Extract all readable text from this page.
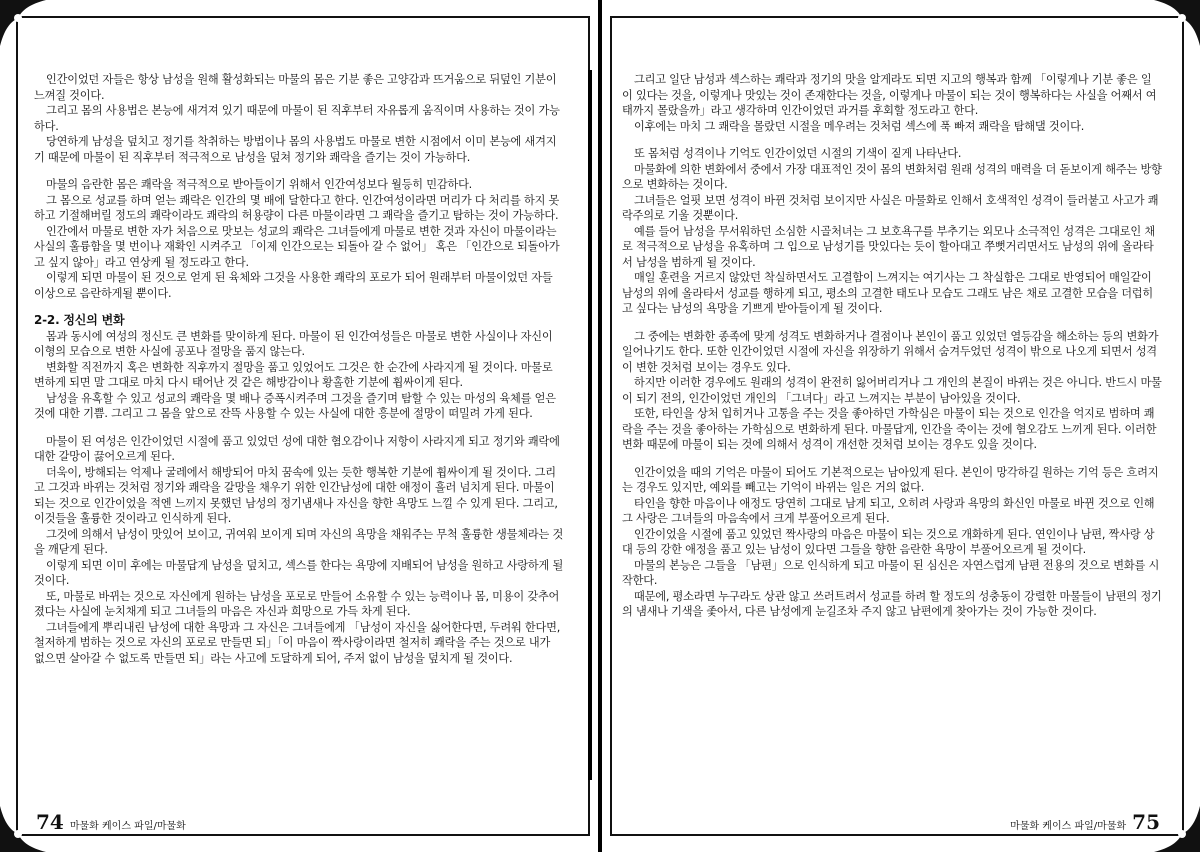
인간이었던 자들은 항상 남성을 원해 활성화되는 마물의 몸은 기분 좋은 고양감과 뜨거움으로 뒤덮인 기분이 느껴질 것이다.

그리고 몸의 사용법은 본능에 새겨져 있기 때문에 마물이 된 직후부터 자유롭게 움직이며 사용하는 것이 가능하다.

당연하게 남성을 덮치고 정기를 착취하는 방법이나 몸의 사용법도 마물로 변한 시점에서 이미 본능에 새겨지기 때문에 마물이 된 직후부터 적극적으로 남성을 덮쳐 정기와 쾌락을 즐기는 것이 가능하다.

마물의 음란한 몸은 쾌락을 적극적으로 받아들이기 위해서 인간여성보다 월등히 민감하다.

그 몸으로 성교를 하며 얻는 쾌락은 인간의 몇 배에 달한다고 한다. 인간여성이라면 머리가 다 처리를 하지 못하고 기절해버릴 정도의 쾌락이라도 쾌락의 허용량이 다른 마물이라면 그 쾌락을 즐기고 탐하는 것이 가능하다.

인간에서 마물로 변한 자가 처음으로 맛보는 성교의 쾌락은 그녀들에게 마물로 변한 것과 자신이 마물이라는 사실의 훌륭함을 몇 번이나 재확인 시켜주고 「이제 인간으로는 되돌아 갈 수 없어」 혹은 「인간으로 되돌아가고 싶지 않아」라고 연상케 될 정도라고 한다.

이렇게 되면 마물이 된 것으로 얻게 된 육체와 그것을 사용한 쾌락의 포로가 되어 원래부터 마물이었던 자들 이상으로 음란하게될 뿐이다.

2-2. 정신의 변화

몸과 동시에 여성의 정신도 큰 변화를 맞이하게 된다. 마물이 된 인간여성들은 마물로 변한 사실이나 자신이 이형의 모습으로 변한 사실에 공포나 절망을 품지 않는다.

변화할 직전까지 혹은 변화한 직후까지 절망을 품고 있었어도 그것은 한 순간에 사라지게 될 것이다. 마물로 변하게 되면 말 그대로 마치 다시 태어난 것 같은 해방감이나 황홀한 기분에 휩싸이게 된다.

남성을 유혹할 수 있고 성교의 쾌락을 몇 배나 증폭시켜주며 그것을 즐기며 탐할 수 있는 마성의 육체를 얻은 것에 대한 기쁨. 그리고 그 몸을 앞으로 잔뜩 사용할 수 있는 사실에 대한 흥분에 절망이 떠밀려 가게 된다.

마물이 된 여성은 인간이었던 시절에 품고 있었던 성에 대한 혐오감이나 저항이 사라지게 되고 정기와 쾌락에 대한 갈망이 끓어오르게 된다.

더욱이, 방해되는 억제나 굴레에서 해방되어 마치 꿈속에 있는 듯한 행복한 기분에 휩싸이게 될 것이다. 그리고 그것과 바뀌는 것처럼 정기와 쾌락을 갈망을 채우기 위한 인간남성에 대한 애정이 흘러 넘치게 된다. 마물이 되는 것으로 인간이었을 적엔 느끼지 못했던 남성의 정기냄새나 자신을 향한 욕망도 느낄 수 있게 된다. 그리고, 이것들을 훌륭한 것이라고 인식하게 된다.

그것에 의해서 남성이 맛있어 보이고, 귀여워 보이게 되며 자신의 욕망을 채워주는 무척 훌륭한 생물체라는 것을 깨닫게 된다.

이렇게 되면 이미 후에는 마물답게 남성을 덮치고, 섹스를 한다는 욕망에 지배되어 남성을 원하고 사랑하게 될 것이다.

또, 마물로 바뀌는 것으로 자신에게 원하는 남성을 포로로 만들어 소유할 수 있는 능력이나 몸, 미용이 갖추어졌다는 사실에 눈치채게 되고 그녀들의 마음은 자신과 희망으로 가득 차게 된다.

그녀들에게 뿌리내린 남성에 대한 욕망과 그 자신은 그녀들에게 「남성이 자신을 싫어한다면, 두려워 한다면, 철저하게 범하는 것으로 자신의 포로로 만들면 되」「이 마음이 짝사랑이라면 철저히 쾌락을 주는 것으로 내가 없으면 살아갈 수 없도록 만들면 되」라는 사고에 도달하게 되어, 주저 없이 남성을 덮치게 될 것이다.

74 마물화 케이스 파일/마물화

그리고 일단 남성과 섹스하는 쾌락과 정기의 맛을 알게라도 되면 지고의 행복과 함께 「이렇게나 기분 좋은 일이 있다는 것을, 이렇게나 맛있는 것이 존재한다는 것을, 이렇게나 마물이 되는 것이 행복하다는 사실을 어째서 여태까지 몰랐을까」라고 생각하며 인간이었던 과거를 후회할 정도라고 한다.

이후에는 마치 그 쾌락을 몰랐던 시절을 메우려는 것처럼 섹스에 푹 빠져 쾌락을 탐해댈 것이다.

또 몸처럼 성격이나 기억도 인간이었던 시절의 기색이 짙게 나타난다.

마물화에 의한 변화에서 중에서 가장 대표적인 것이 몸의 변화처럼 원래 성격의 매력을 더 돋보이게 해주는 방향으로 변화하는 것이다.

그녀들은 얼핏 보면 성격이 바뀐 것처럼 보이지만 사실은 마물화로 인해서 호색적인 성격이 들러붙고 사고가 쾌락주의로 기울 것뿐이다.

예를 들어 남성을 무서워하던 소심한 시골처녀는 그 보호욕구를 부추기는 외모나 소극적인 성격은 그대로인 채로 적극적으로 남성을 유혹하며 그 입으로 남성기를 맛있다는 듯이 할아대고 쭈뻣거리면서도 남성의 위에 올라타서 남성을 범하게 될 것이다.

매일 훈련을 거르지 않았던 착실하면서도 고결함이 느껴지는 여기사는 그 착실함은 그대로 반영되어 매일같이 남성의 위에 올라타서 성교를 행하게 되고, 평소의 고결한 태도나 모습도 그래도 남은 채로 고결한 모습을 더럽히고 싶다는 남성의 욕망을 기쁘게 받아들이게 될 것이다.

그 중에는 변화한 종족에 맞게 성격도 변화하거나 결점이나 본인이 품고 있었던 열등감을 해소하는 등의 변화가 일어나기도 한다. 또한 인간이었던 시절에 자신을 위장하기 위해서 숨겨두었던 성격이 밖으로 나오게 되면서 성격이 변한 것처럼 보이는 경우도 있다.

하지만 이러한 경우에도 원래의 성격이 완전히 잃어버리거나 그 개인의 본질이 바뀌는 것은 아니다. 반드시 마물이 되기 전의, 인간이었던 개인의 「그녀다」라고 느껴지는 부분이 남아있을 것이다.

또한, 타인을 상처 입히거나 고통을 주는 것을 좋아하던 가학심은 마물이 되는 것으로 인간을 억지로 범하며 쾌락을 주는 것을 좋아하는 가학심으로 변화하게 된다. 마물답게, 인간을 죽이는 것에 혐오감도 느끼게 된다. 이러한 변화 때문에 마물이 되는 것에 의해서 성격이 개선한 것처럼 보이는 경우도 있을 것이다.

인간이었을 때의 기억은 마물이 되어도 기본적으로는 남아있게 된다. 본인이 망각하길 원하는 기억 등은 흐려지는 경우도 있지만, 예외를 빼고는 기억이 바뀌는 일은 거의 없다.

타인을 향한 마음이나 애정도 당연히 그대로 남게 되고, 오히려 사랑과 욕망의 화신인 마물로 바뀐 것으로 인해 그 사랑은 그녀들의 마음속에서 크게 부풀어오르게 된다.

인간이었을 시절에 품고 있었던 짝사랑의 마음은 마물이 되는 것으로 개화하게 된다. 연인이나 남편, 짝사랑 상대 등의 강한 애정을 품고 있는 남성이 있다면 그들을 향한 음란한 욕망이 부풀어오르게 될 것이다.

마물의 본능은 그들을 「남편」으로 인식하게 되고 마물이 된 심신은 자연스럽게 남편 전용의 것으로 변화를 시작한다.

때문에, 평소라면 누구라도 상관 않고 쓰러트려서 성교를 하려 할 정도의 성충동이 강렬한 마물들이 남편의 정기의 냄새나 기색을 좇아서, 다른 남성에게 눈길조차 주지 않고 남편에게 찾아가는 것이 가능한 것이다.

마물화 케이스 파일/마물화 75
